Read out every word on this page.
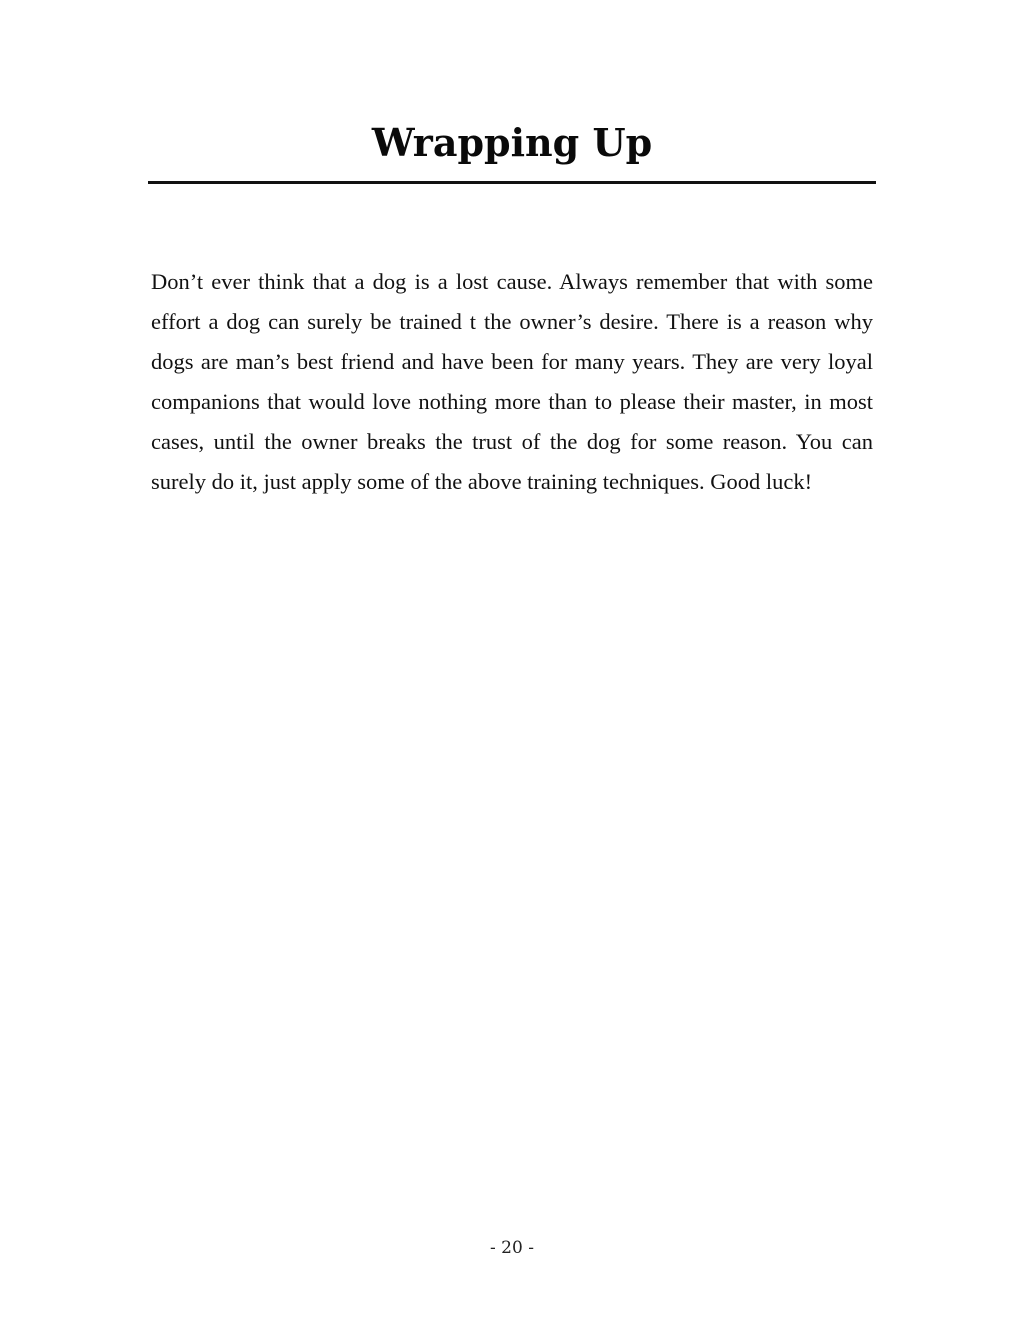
Wrapping Up

Don’t ever think that a dog is a lost cause. Always remember that with some effort a dog can surely be trained t the owner’s desire. There is a reason why dogs are man’s best friend and have been for many years. They are very loyal companions that would love nothing more than to please their master, in most cases, until the owner breaks the trust of the dog for some reason. You can surely do it, just apply some of the above training techniques. Good luck!

- 20 -
